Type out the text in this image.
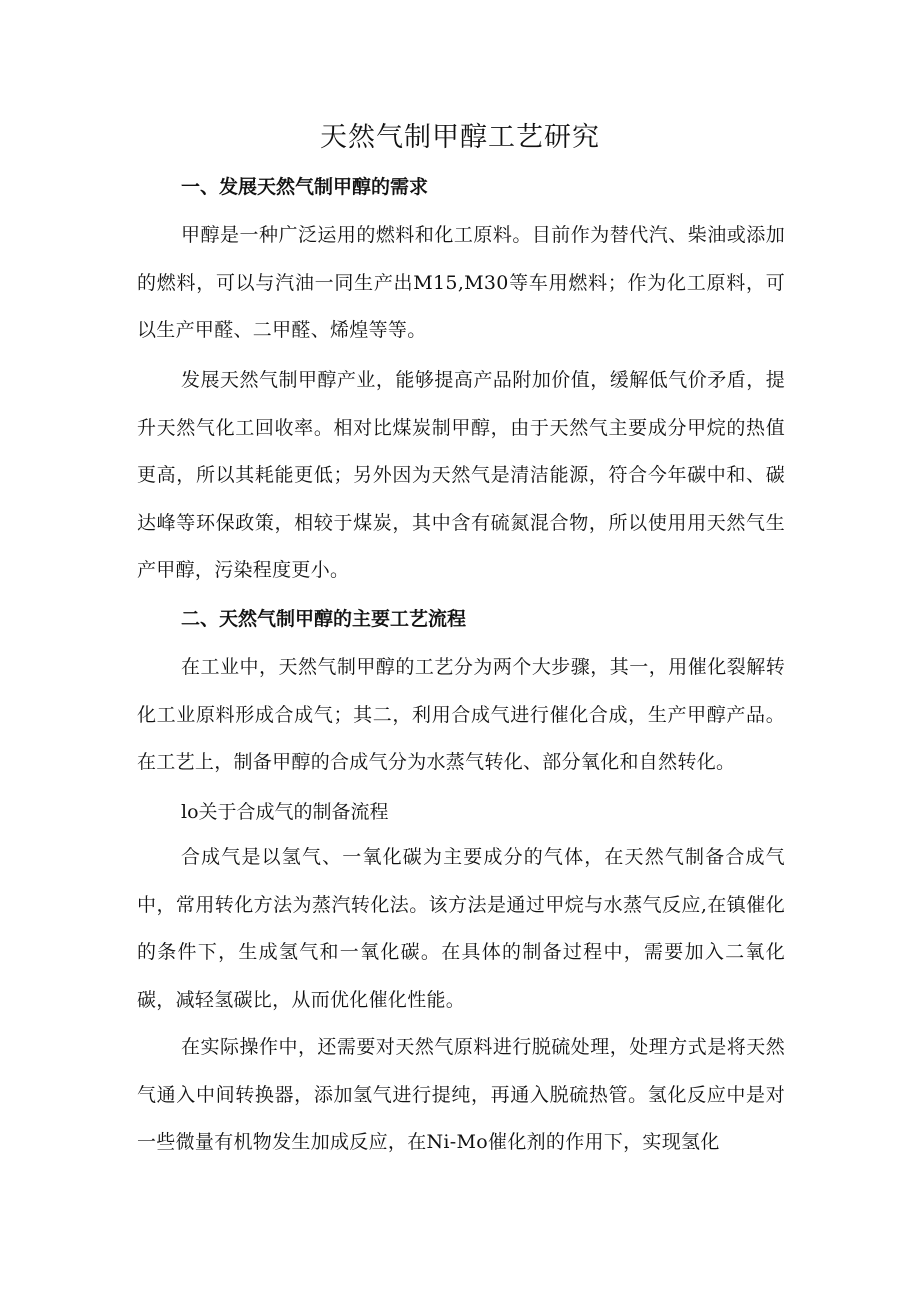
天然气制甲醇工艺研究
一、发展天然气制甲醇的需求

甲醇是一种广泛运用的燃料和化工原料。目前作为替代汽、柴油或添加的燃料，可以与汽油一同生产出M15,M30等车用燃料；作为化工原料，可以生产甲醛、二甲醛、烯煌等等。

发展天然气制甲醇产业，能够提高产品附加价值，缓解低气价矛盾，提升天然气化工回收率。相对比煤炭制甲醇，由于天然气主要成分甲烷的热值更高，所以其耗能更低；另外因为天然气是清洁能源，符合今年碳中和、碳达峰等环保政策，相较于煤炭，其中含有硫氮混合物，所以使用用天然气生产甲醇，污染程度更小。

二、天然气制甲醇的主要工艺流程

在工业中，天然气制甲醇的工艺分为两个大步骤，其一，用催化裂解转化工业原料形成合成气；其二，利用合成气进行催化合成，生产甲醇产品。在工艺上，制备甲醇的合成气分为水蒸气转化、部分氧化和自然转化。

lo关于合成气的制备流程

合成气是以氢气、一氧化碳为主要成分的气体，在天然气制备合成气中，常用转化方法为蒸汽转化法。该方法是通过甲烷与水蒸气反应,在镇催化的条件下，生成氢气和一氧化碳。在具体的制备过程中，需要加入二氧化碳，减轻氢碳比，从而优化催化性能。

在实际操作中，还需要对天然气原料进行脱硫处理，处理方式是将天然气通入中间转换器，添加氢气进行提纯，再通入脱硫热管。氢化反应中是对一些微量有机物发生加成反应，在Ni-Mo催化剂的作用下，实现氢化
